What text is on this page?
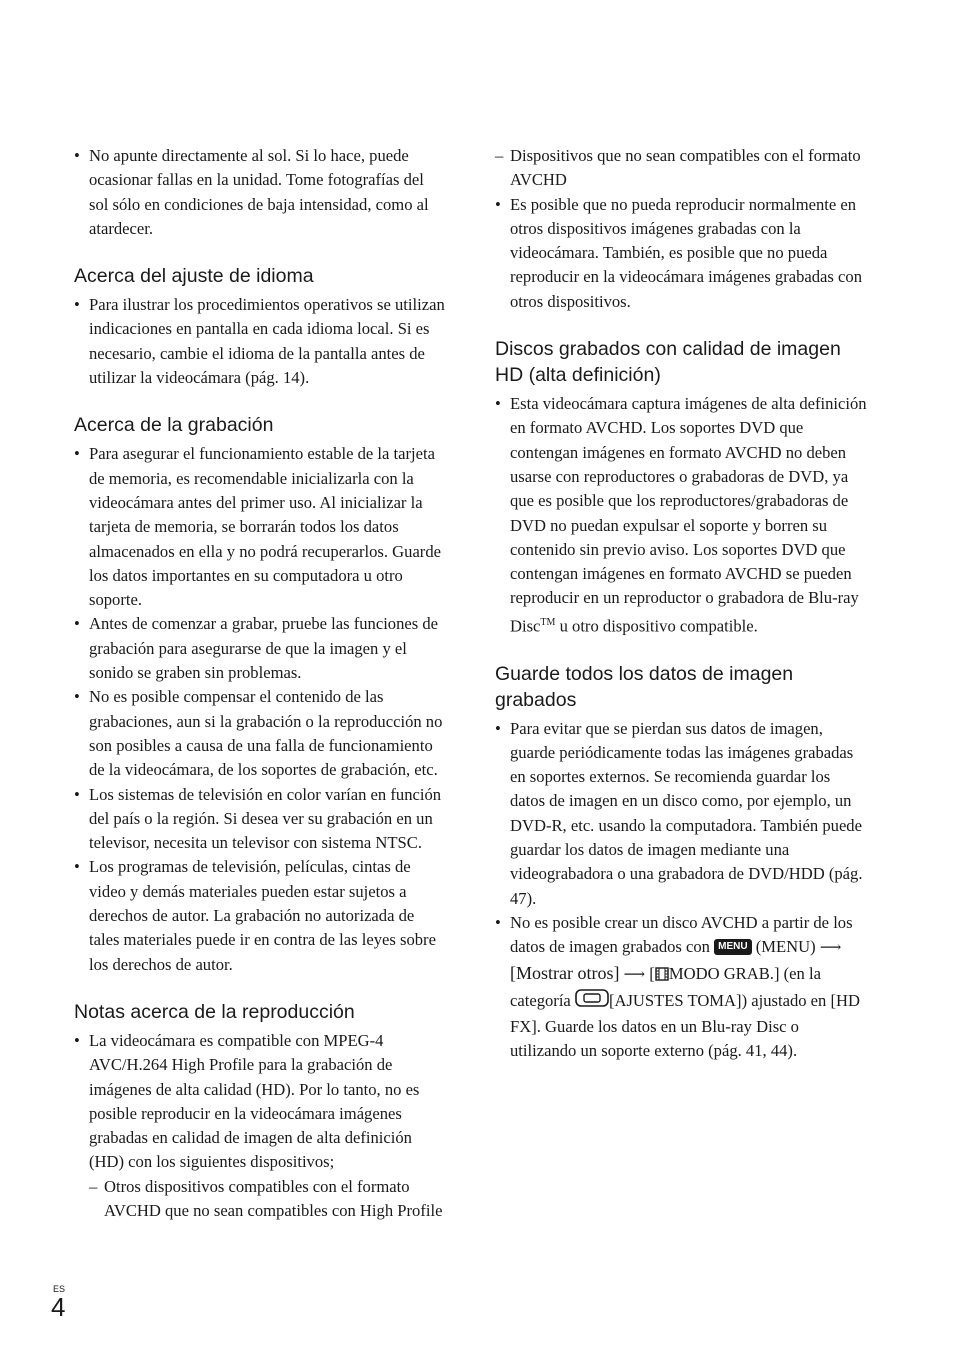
• No apunte directamente al sol. Si lo hace, puede ocasionar fallas en la unidad. Tome fotografías del sol sólo en condiciones de baja intensidad, como al atardecer.

Acerca del ajuste de idioma

• Para ilustrar los procedimientos operativos se utilizan indicaciones en pantalla en cada idioma local. Si es necesario, cambie el idioma de la pantalla antes de utilizar la videocámara (pág. 14).

Acerca de la grabación

• Para asegurar el funcionamiento estable de la tarjeta de memoria, es recomendable inicializarla con la videocámara antes del primer uso. Al inicializar la tarjeta de memoria, se borrarán todos los datos almacenados en ella y no podrá recuperarlos. Guarde los datos importantes en su computadora u otro soporte.

• Antes de comenzar a grabar, pruebe las funciones de grabación para asegurarse de que la imagen y el sonido se graben sin problemas.

• No es posible compensar el contenido de las grabaciones, aun si la grabación o la reproducción no son posibles a causa de una falla de funcionamiento de la videocámara, de los soportes de grabación, etc.

• Los sistemas de televisión en color varían en función del país o la región. Si desea ver su grabación en un televisor, necesita un televisor con sistema NTSC.

• Los programas de televisión, películas, cintas de video y demás materiales pueden estar sujetos a derechos de autor. La grabación no autorizada de tales materiales puede ir en contra de las leyes sobre los derechos de autor.

Notas acerca de la reproducción

• La videocámara es compatible con MPEG-4 AVC/H.264 High Profile para la grabación de imágenes de alta calidad (HD). Por lo tanto, no es posible reproducir en la videocámara imágenes grabadas en calidad de imagen de alta definición (HD) con los siguientes dispositivos;

– Otros dispositivos compatibles con el formato AVCHD que no sean compatibles con High Profile

– Dispositivos que no sean compatibles con el formato AVCHD

• Es posible que no pueda reproducir normalmente en otros dispositivos imágenes grabadas con la videocámara. También, es posible que no pueda reproducir en la videocámara imágenes grabadas con otros dispositivos.

Discos grabados con calidad de imagen HD (alta definición)

• Esta videocámara captura imágenes de alta definición en formato AVCHD. Los soportes DVD que contengan imágenes en formato AVCHD no deben usarse con reproductores o grabadoras de DVD, ya que es posible que los reproductores/grabadoras de DVD no puedan expulsar el soporte y borren su contenido sin previo aviso. Los soportes DVD que contengan imágenes en formato AVCHD se pueden reproducir en un reproductor o grabadora de Blu-ray Disc™ u otro dispositivo compatible.

Guarde todos los datos de imagen grabados

• Para evitar que se pierdan sus datos de imagen, guarde periódicamente todas las imágenes grabadas en soportes externos. Se recomienda guardar los datos de imagen en un disco como, por ejemplo, un DVD-R, etc. usando la computadora. También puede guardar los datos de imagen mediante una videograbadora o una grabadora de DVD/HDD (pág. 47).

• No es posible crear un disco AVCHD a partir de los datos de imagen grabados con MENU (MENU) ⟶ [Mostrar otros] ⟶ [ MODO GRAB.] (en la categoría [AJUSTES TOMA]) ajustado en [HD FX]. Guarde los datos en un Blu-ray Disc o utilizando un soporte externo (pág. 41, 44).

ES
4
